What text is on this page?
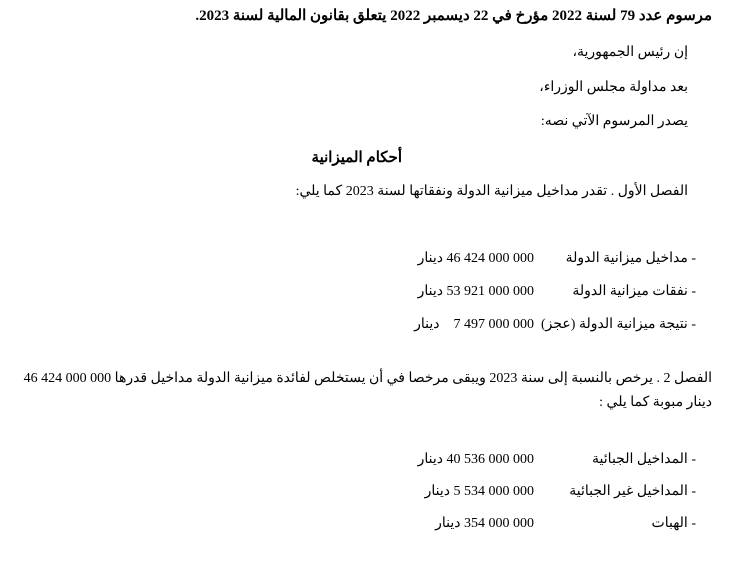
مرسوم عدد 79 لسنة 2022 مؤرخ في 22 ديسمبر 2022 يتعلق بقانون المالية لسنة 2023.
إن رئيس الجمهورية،
بعد مداولة مجلس الوزراء،
يصدر المرسوم الآتي نصه:
أحكام الميزانية
الفصل الأول . تقدر مداخيل ميزانية الدولة ونفقاتها لسنة 2023 كما يلي:
- مداخيل ميزانية الدولة
46 424 000 000 دينار
- نفقات ميزانية الدولة
53 921 000 000 دينار
- نتيجة ميزانية الدولة (عجز)
7 497 000 000    دينار
الفصل 2 . يرخص بالنسبة إلى سنة 2023 ويبقى مرخصا في أن يستخلص لفائدة ميزانية الدولة مداخيل قدرها 000 000 424 46
دينار مبوبة كما يلي :
- المداخيل الجبائية
40 536 000 000 دينار
- المداخيل غير الجبائية
5 534 000 000 دينار
- الهبات
354 000 000 دينار
